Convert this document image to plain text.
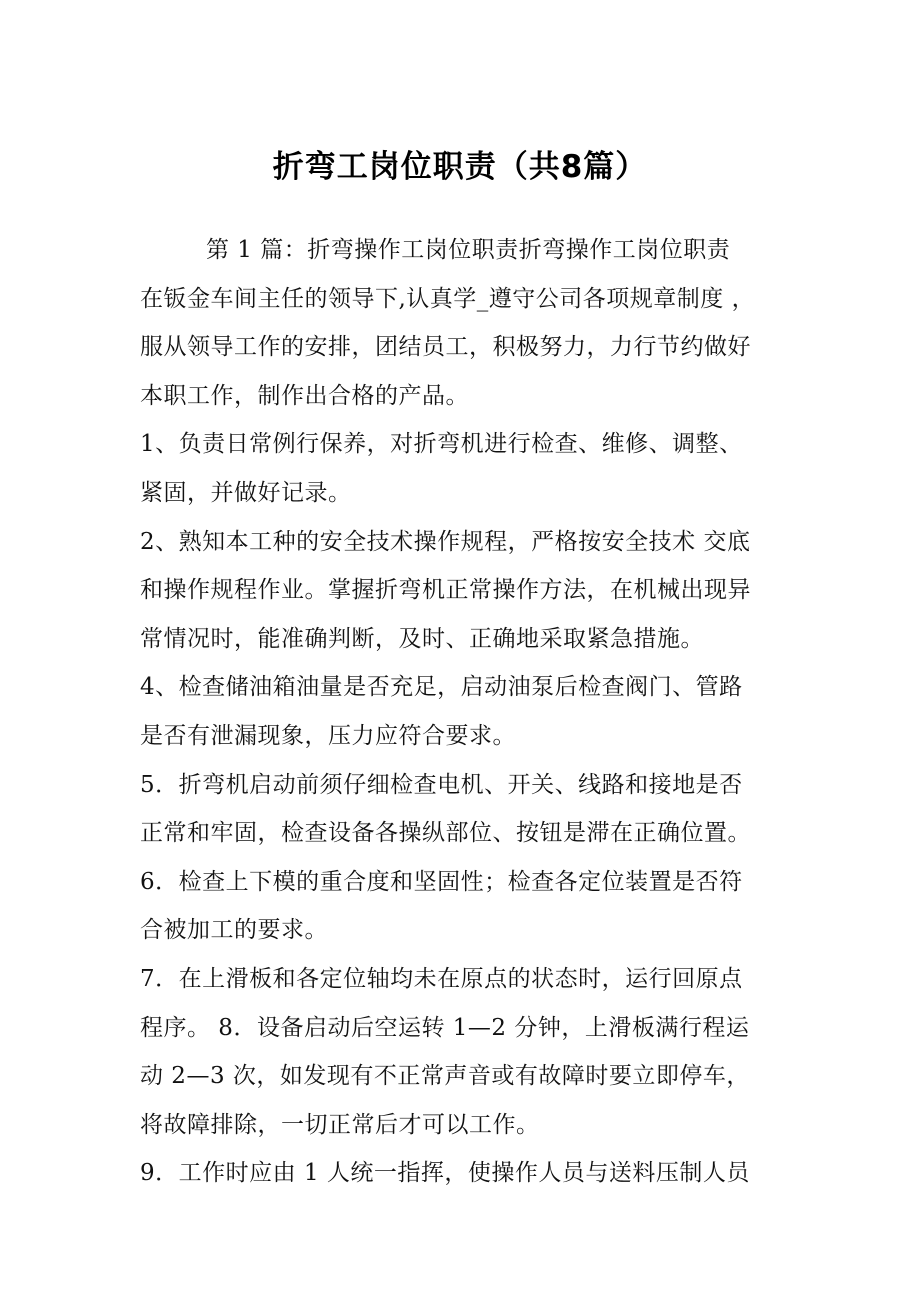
折弯工岗位职责（共8篇）
第 1 篇：折弯操作工岗位职责折弯操作工岗位职责
在钣金车间主任的领导下,认真学_遵守公司各项规章制度 ，
服从领导工作的安排，团结员工，积极努力，力行节约做好
本职工作，制作出合格的产品。
1、负责日常例行保养，对折弯机进行检查、维修、调整、
紧固，并做好记录。
2、熟知本工种的安全技术操作规程，严格按安全技术 交底
和操作规程作业。掌握折弯机正常操作方法，在机械出现异
常情况时，能准确判断，及时、正确地采取紧急措施。
4、检查储油箱油量是否充足，启动油泵后检查阀门、管路
是否有泄漏现象，压力应符合要求。
5．折弯机启动前须仔细检查电机、开关、线路和接地是否
正常和牢固，检查设备各操纵部位、按钮是滞在正确位置。
6．检查上下模的重合度和坚固性；检查各定位装置是否符
合被加工的要求。
7．在上滑板和各定位轴均未在原点的状态时，运行回原点
程序。 8．设备启动后空运转 1—2 分钟，上滑板满行程运
动 2—3 次，如发现有不正常声音或有故障时要立即停车，
将故障排除，一切正常后才可以工作。
9．工作时应由 1 人统一指挥，使操作人员与送料压制人员
